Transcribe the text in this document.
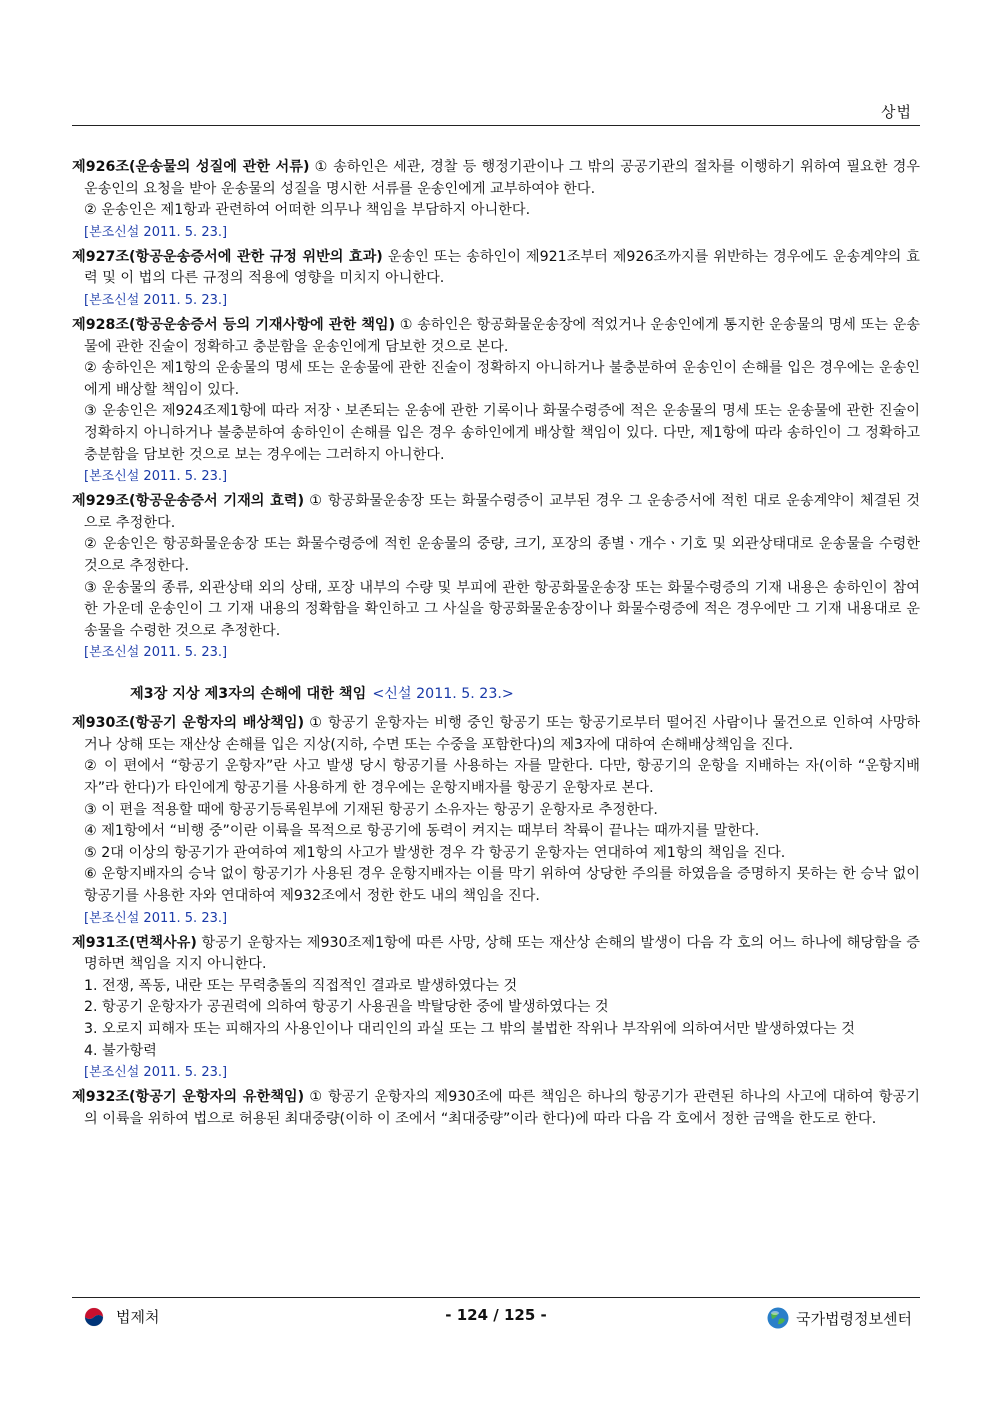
상법

제926조(운송물의 성질에 관한 서류) ① 송하인은 세관, 경찰 등 행정기관이나 그 밖의 공공기관의 절차를 이행하기 위하여 필요한 경우 운송인의 요청을 받아 운송물의 성질을 명시한 서류를 운송인에게 교부하여야 한다.

② 운송인은 제1항과 관련하여 어떠한 의무나 책임을 부담하지 아니한다.

[본조신설 2011. 5. 23.]

제927조(항공운송증서에 관한 규정 위반의 효과) 운송인 또는 송하인이 제921조부터 제926조까지를 위반하는 경우에도 운송계약의 효력 및 이 법의 다른 규정의 적용에 영향을 미치지 아니한다.

[본조신설 2011. 5. 23.]

제928조(항공운송증서 등의 기재사항에 관한 책임) ① 송하인은 항공화물운송장에 적었거나 운송인에게 통지한 운송물의 명세 또는 운송물에 관한 진술이 정확하고 충분함을 운송인에게 담보한 것으로 본다.

② 송하인은 제1항의 운송물의 명세 또는 운송물에 관한 진술이 정확하지 아니하거나 불충분하여 운송인이 손해를 입은 경우에는 운송인에게 배상할 책임이 있다.

③ 운송인은 제924조제1항에 따라 저장ㆍ보존되는 운송에 관한 기록이나 화물수령증에 적은 운송물의 명세 또는 운송물에 관한 진술이 정확하지 아니하거나 불충분하여 송하인이 손해를 입은 경우 송하인에게 배상할 책임이 있다. 다만, 제1항에 따라 송하인이 그 정확하고 충분함을 담보한 것으로 보는 경우에는 그러하지 아니한다.

[본조신설 2011. 5. 23.]

제929조(항공운송증서 기재의 효력) ① 항공화물운송장 또는 화물수령증이 교부된 경우 그 운송증서에 적힌 대로 운송계약이 체결된 것으로 추정한다.

② 운송인은 항공화물운송장 또는 화물수령증에 적힌 운송물의 중량, 크기, 포장의 종별ㆍ개수ㆍ기호 및 외관상태대로 운송물을 수령한 것으로 추정한다.

③ 운송물의 종류, 외관상태 외의 상태, 포장 내부의 수량 및 부피에 관한 항공화물운송장 또는 화물수령증의 기재 내용은 송하인이 참여한 가운데 운송인이 그 기재 내용의 정확함을 확인하고 그 사실을 항공화물운송장이나 화물수령증에 적은 경우에만 그 기재 내용대로 운송물을 수령한 것으로 추정한다.

[본조신설 2011. 5. 23.]
제3장 지상 제3자의 손해에 대한 책임 <신설 2011. 5. 23.>

제930조(항공기 운항자의 배상책임) ① 항공기 운항자는 비행 중인 항공기 또는 항공기로부터 떨어진 사람이나 물건으로 인하여 사망하거나 상해 또는 재산상 손해를 입은 지상(지하, 수면 또는 수중을 포함한다)의 제3자에 대하여 손해배상책임을 진다.

② 이 편에서 “항공기 운항자”란 사고 발생 당시 항공기를 사용하는 자를 말한다. 다만, 항공기의 운항을 지배하는 자(이하 “운항지배자”라 한다)가 타인에게 항공기를 사용하게 한 경우에는 운항지배자를 항공기 운항자로 본다.

③ 이 편을 적용할 때에 항공기등록원부에 기재된 항공기 소유자는 항공기 운항자로 추정한다.

④ 제1항에서 “비행 중”이란 이륙을 목적으로 항공기에 동력이 켜지는 때부터 착륙이 끝나는 때까지를 말한다.

⑤ 2대 이상의 항공기가 관여하여 제1항의 사고가 발생한 경우 각 항공기 운항자는 연대하여 제1항의 책임을 진다.

⑥ 운항지배자의 승낙 없이 항공기가 사용된 경우 운항지배자는 이를 막기 위하여 상당한 주의를 하였음을 증명하지 못하는 한 승낙 없이 항공기를 사용한 자와 연대하여 제932조에서 정한 한도 내의 책임을 진다.

[본조신설 2011. 5. 23.]

제931조(면책사유) 항공기 운항자는 제930조제1항에 따른 사망, 상해 또는 재산상 손해의 발생이 다음 각 호의 어느 하나에 해당함을 증명하면 책임을 지지 아니한다.

1. 전쟁, 폭동, 내란 또는 무력충돌의 직접적인 결과로 발생하였다는 것

2. 항공기 운항자가 공권력에 의하여 항공기 사용권을 박탈당한 중에 발생하였다는 것

3. 오로지 피해자 또는 피해자의 사용인이나 대리인의 과실 또는 그 밖의 불법한 작위나 부작위에 의하여서만 발생하였다는 것

4. 불가항력

[본조신설 2011. 5. 23.]

제932조(항공기 운항자의 유한책임) ① 항공기 운항자의 제930조에 따른 책임은 하나의 항공기가 관련된 하나의 사고에 대하여 항공기의 이륙을 위하여 법으로 허용된 최대중량(이하 이 조에서 “최대중량”이라 한다)에 따라 다음 각 호에서 정한 금액을 한도로 한다.

법제처	- 124 / 125 -	국가법령정보센터
